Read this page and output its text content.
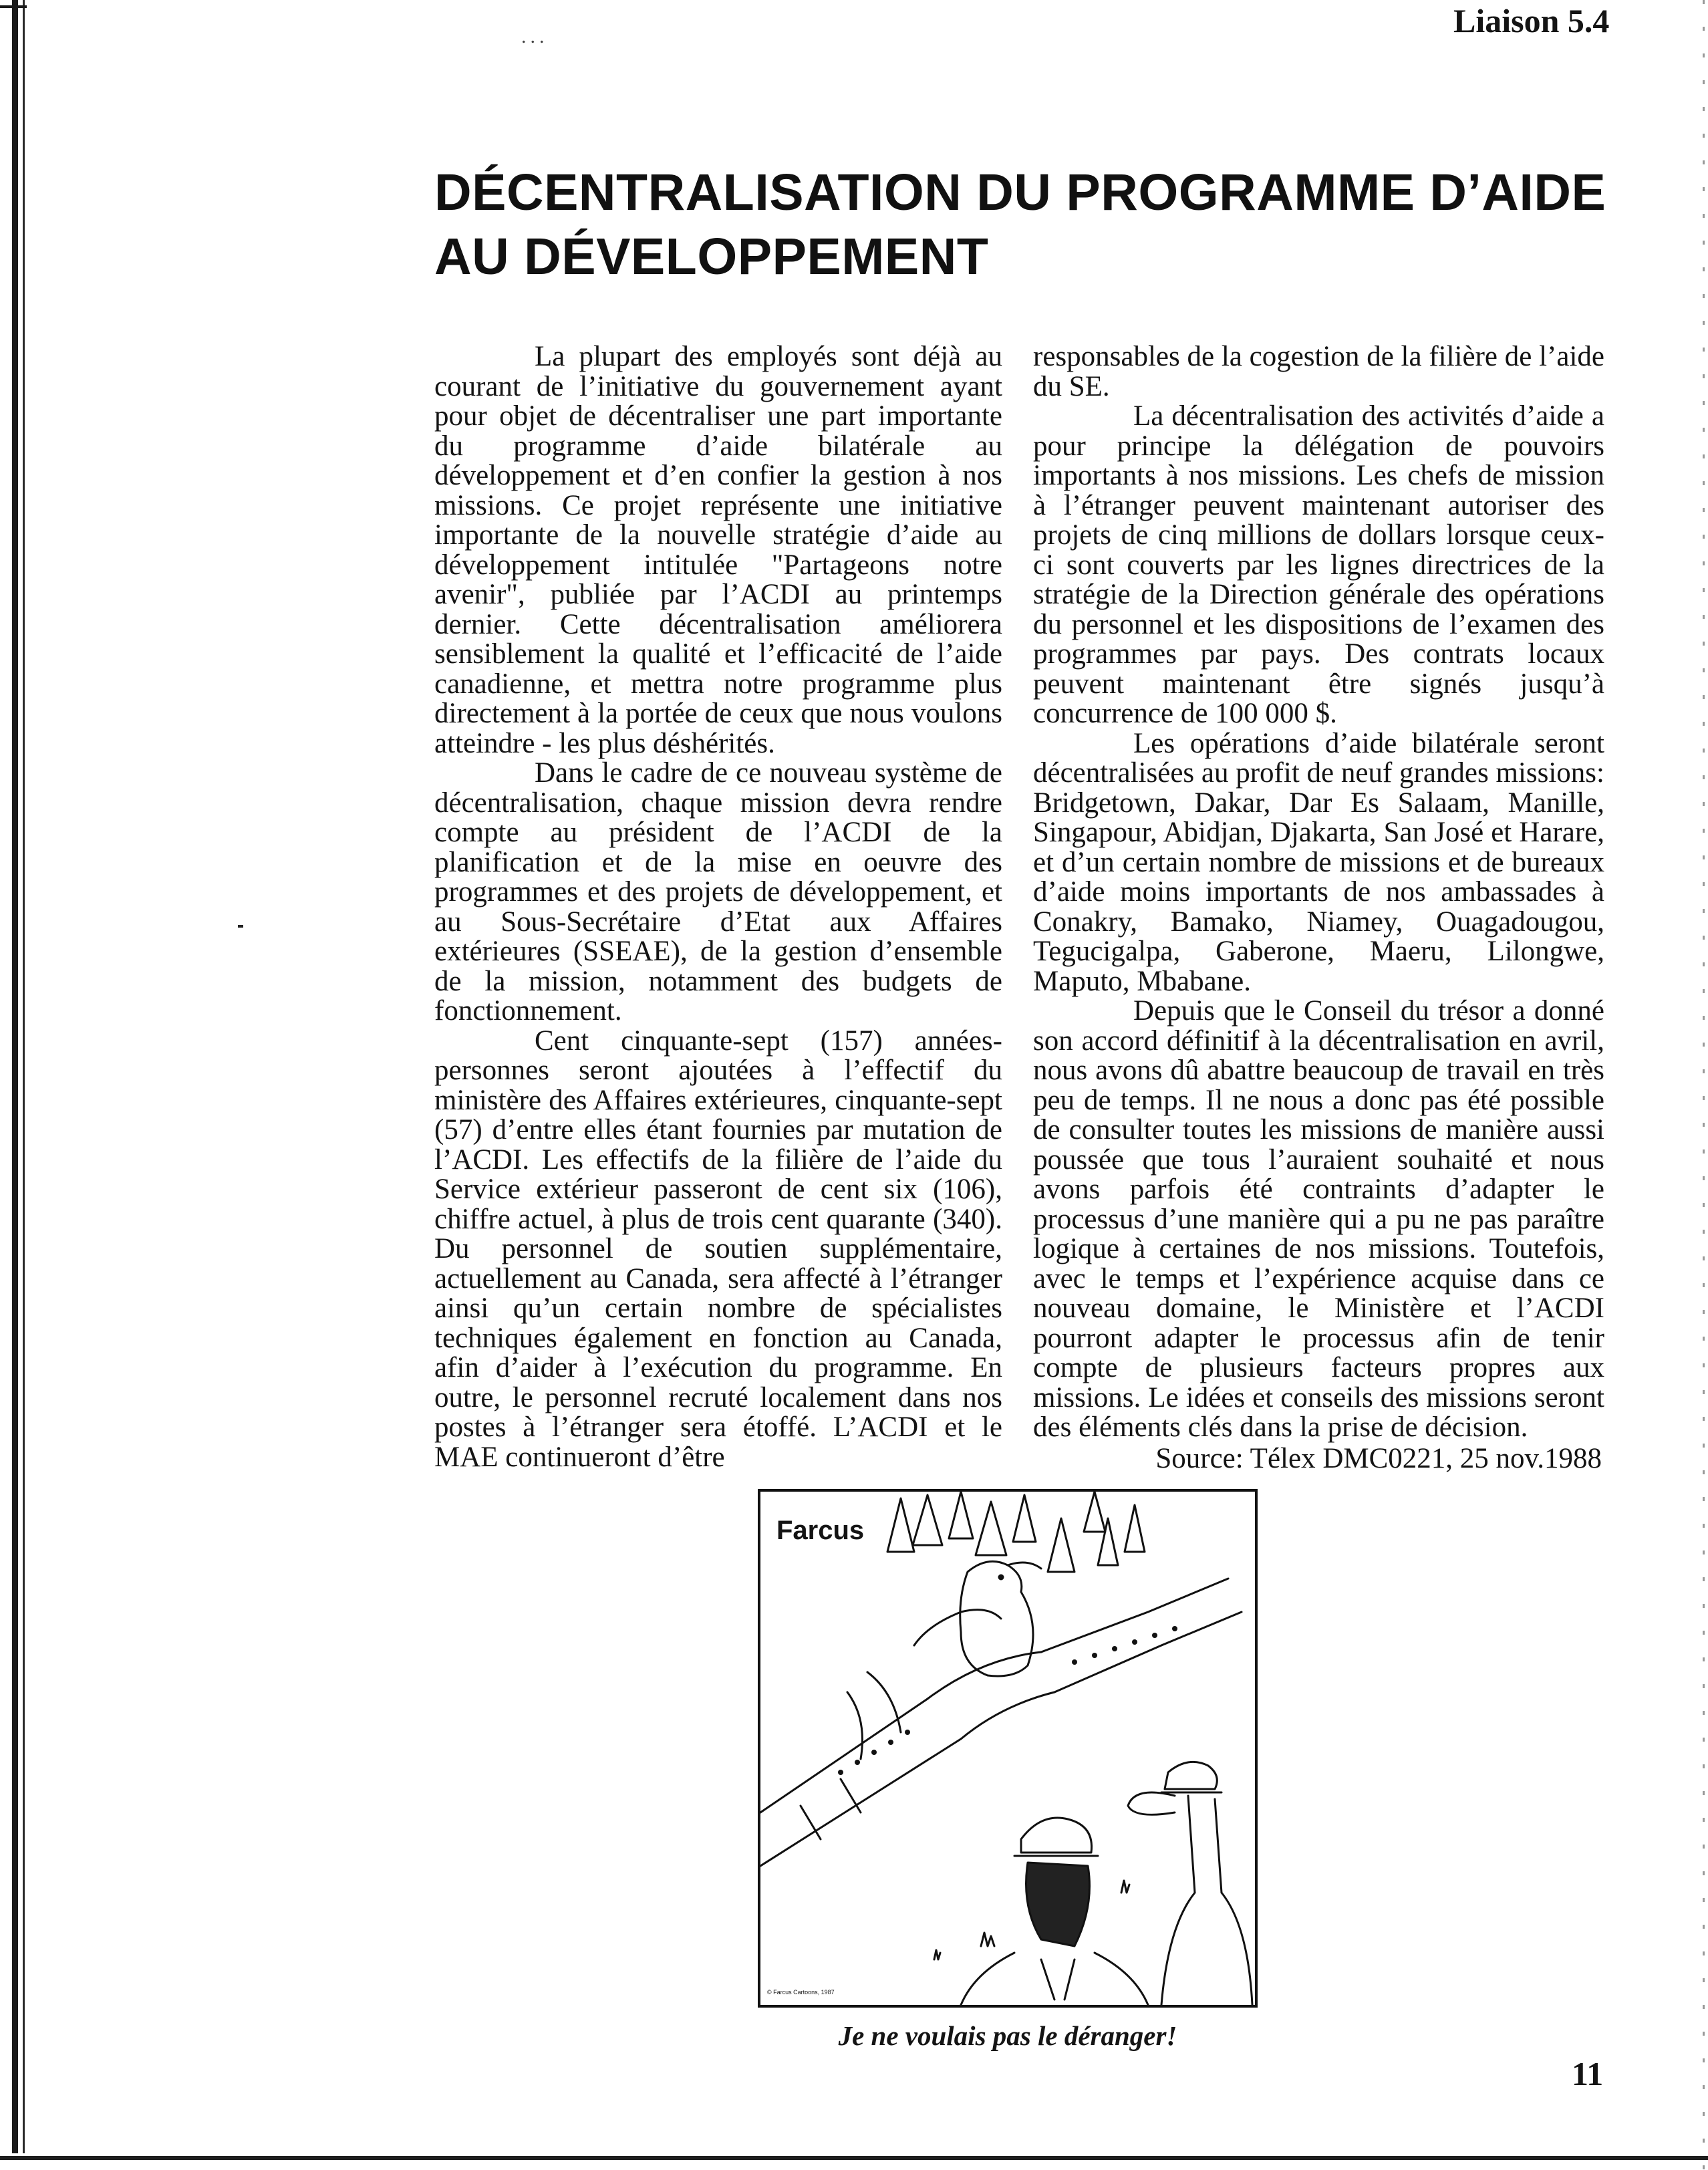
...	Liaison 5.4
DÉCENTRALISATION DU PROGRAMME D’AIDE AU DÉVELOPPEMENT

La plupart des employés sont déjà au courant de l’initiative du gouvernement ayant pour objet de décentraliser une part importante du programme d’aide bilatérale au développement et d’en confier la gestion à nos missions. Ce projet représente une initiative importante de la nouvelle stratégie d’aide au développement intitulée "Partageons notre avenir", publiée par l’ACDI au printemps dernier. Cette décentralisation améliorera sensiblement la qualité et l’efficacité de l’aide canadienne, et mettra notre programme plus directement à la portée de ceux que nous voulons atteindre - les plus déshérités.

Dans le cadre de ce nouveau système de décentralisation, chaque mission devra rendre compte au président de l’ACDI de la planification et de la mise en oeuvre des programmes et des projets de développement, et au Sous-Secrétaire d’Etat aux Affaires extérieures (SSEAE), de la gestion d’ensemble de la mission, notamment des budgets de fonctionnement.

Cent cinquante-sept (157) années-personnes seront ajoutées à l’effectif du ministère des Affaires extérieures, cinquante-sept (57) d’entre elles étant fournies par mutation de l’ACDI. Les effectifs de la filière de l’aide du Service extérieur passeront de cent six (106), chiffre actuel, à plus de trois cent quarante (340). Du personnel de soutien supplémentaire, actuellement au Canada, sera affecté à l’étranger ainsi qu’un certain nombre de spécialistes techniques également en fonction au Canada, afin d’aider à l’exécution du programme. En outre, le personnel recruté localement dans nos postes à l’étranger sera étoffé. L’ACDI et le MAE continueront d’être

responsables de la cogestion de la filière de l’aide du SE.

La décentralisation des activités d’aide a pour principe la délégation de pouvoirs importants à nos missions. Les chefs de mission à l’étranger peuvent maintenant autoriser des projets de cinq millions de dollars lorsque ceux-ci sont couverts par les lignes directrices de la stratégie de la Direction générale des opérations du personnel et les dispositions de l’examen des programmes par pays. Des contrats locaux peuvent maintenant être signés jusqu’à concurrence de 100 000 $.

Les opérations d’aide bilatérale seront décentralisées au profit de neuf grandes missions: Bridgetown, Dakar, Dar Es Salaam, Manille, Singapour, Abidjan, Djakarta, San José et Harare, et d’un certain nombre de missions et de bureaux d’aide moins importants de nos ambassades à Conakry, Bamako, Niamey, Ouagadougou, Tegucigalpa, Gaberone, Maeru, Lilongwe, Maputo, Mbabane.

Depuis que le Conseil du trésor a donné son accord définitif à la décentralisation en avril, nous avons dû abattre beaucoup de travail en très peu de temps. Il ne nous a donc pas été possible de consulter toutes les missions de manière aussi poussée que tous l’auraient souhaité et nous avons parfois été contraints d’adapter le processus d’une manière qui a pu ne pas paraître logique à certaines de nos missions. Toutefois, avec le temps et l’expérience acquise dans ce nouveau domaine, le Ministère et l’ACDI pourront adapter le processus afin de tenir compte de plusieurs facteurs propres aux missions. Le idées et conseils des missions seront des éléments clés dans la prise de décision.

Source: Télex DMC0221, 25 nov.1988

Farcus
© Farcus Cartoons, 1987
Je ne voulais pas le déranger!
11
